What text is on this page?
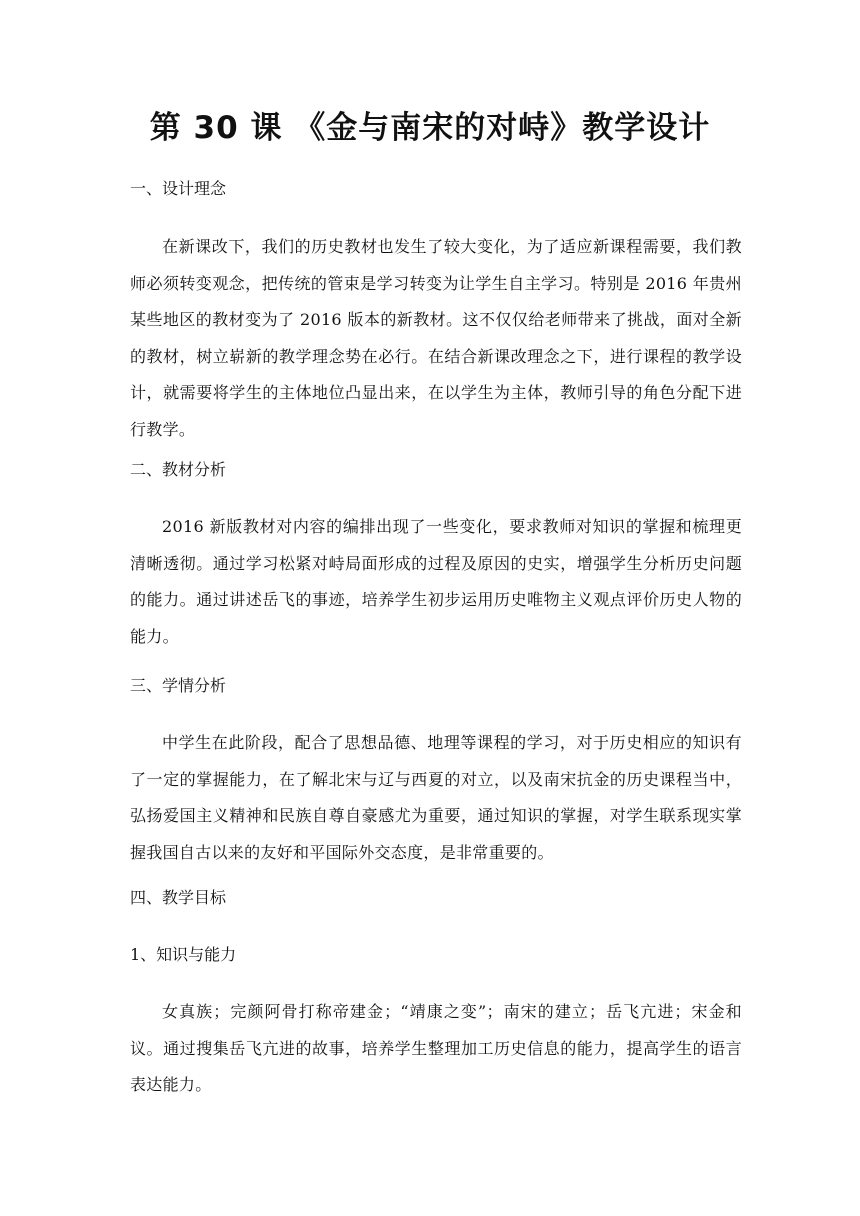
第 30 课 《金与南宋的对峙》教学设计
一、设计理念

在新课改下，我们的历史教材也发生了较大变化，为了适应新课程需要，我们教师必须转变观念，把传统的管束是学习转变为让学生自主学习。特别是 2016 年贵州某些地区的教材变为了 2016 版本的新教材。这不仅仅给老师带来了挑战，面对全新的教材，树立崭新的教学理念势在必行。在结合新课改理念之下，进行课程的教学设计，就需要将学生的主体地位凸显出来，在以学生为主体，教师引导的角色分配下进行教学。

二、教材分析

2016 新版教材对内容的编排出现了一些变化，要求教师对知识的掌握和梳理更清晰透彻。通过学习松紧对峙局面形成的过程及原因的史实，增强学生分析历史问题的能力。通过讲述岳飞的事迹，培养学生初步运用历史唯物主义观点评价历史人物的能力。

三、学情分析

中学生在此阶段，配合了思想品德、地理等课程的学习，对于历史相应的知识有了一定的掌握能力，在了解北宋与辽与西夏的对立，以及南宋抗金的历史课程当中，弘扬爱国主义精神和民族自尊自豪感尤为重要，通过知识的掌握，对学生联系现实掌握我国自古以来的友好和平国际外交态度，是非常重要的。

四、教学目标
1、知识与能力

女真族；完颜阿骨打称帝建金；“靖康之变”；南宋的建立；岳飞亢进；宋金和议。通过搜集岳飞亢进的故事，培养学生整理加工历史信息的能力，提高学生的语言表达能力。
